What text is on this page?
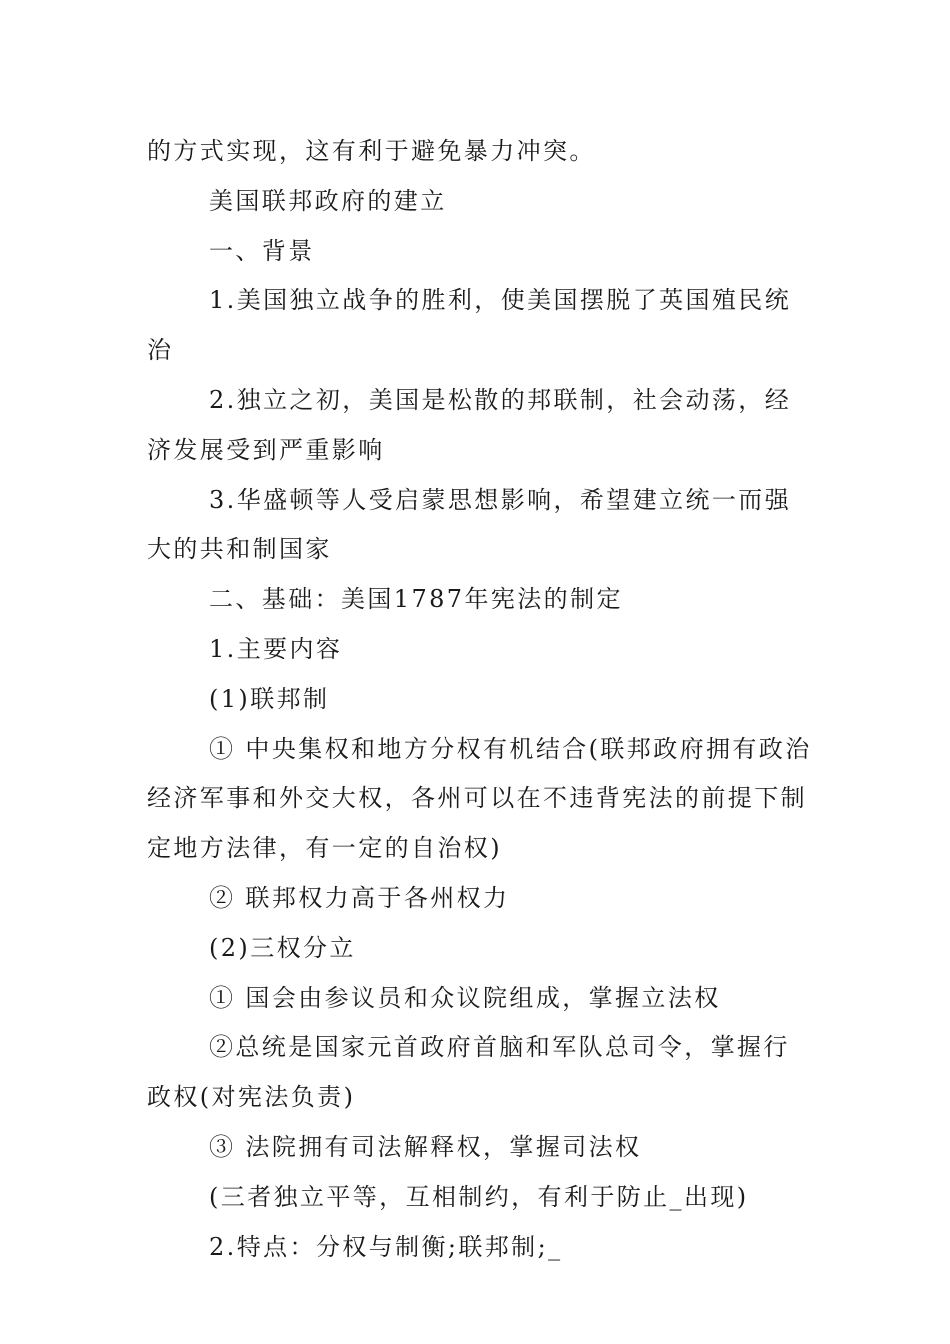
的方式实现，这有利于避免暴力冲突。

美国联邦政府的建立

一、背景

1.美国独立战争的胜利，使美国摆脱了英国殖民统治

2.独立之初，美国是松散的邦联制，社会动荡，经济发展受到严重影响

3.华盛顿等人受启蒙思想影响，希望建立统一而强大的共和制国家

二、基础：美国1787年宪法的制定

1.主要内容

(1)联邦制

① 中央集权和地方分权有机结合(联邦政府拥有政治经济军事和外交大权，各州可以在不违背宪法的前提下制定地方法律，有一定的自治权)

② 联邦权力高于各州权力

(2)三权分立

① 国会由参议员和众议院组成，掌握立法权

②总统是国家元首政府首脑和军队总司令，掌握行政权(对宪法负责)

③ 法院拥有司法解释权，掌握司法权

(三者独立平等，互相制约，有利于防止_出现)

2.特点：分权与制衡;联邦制;_
